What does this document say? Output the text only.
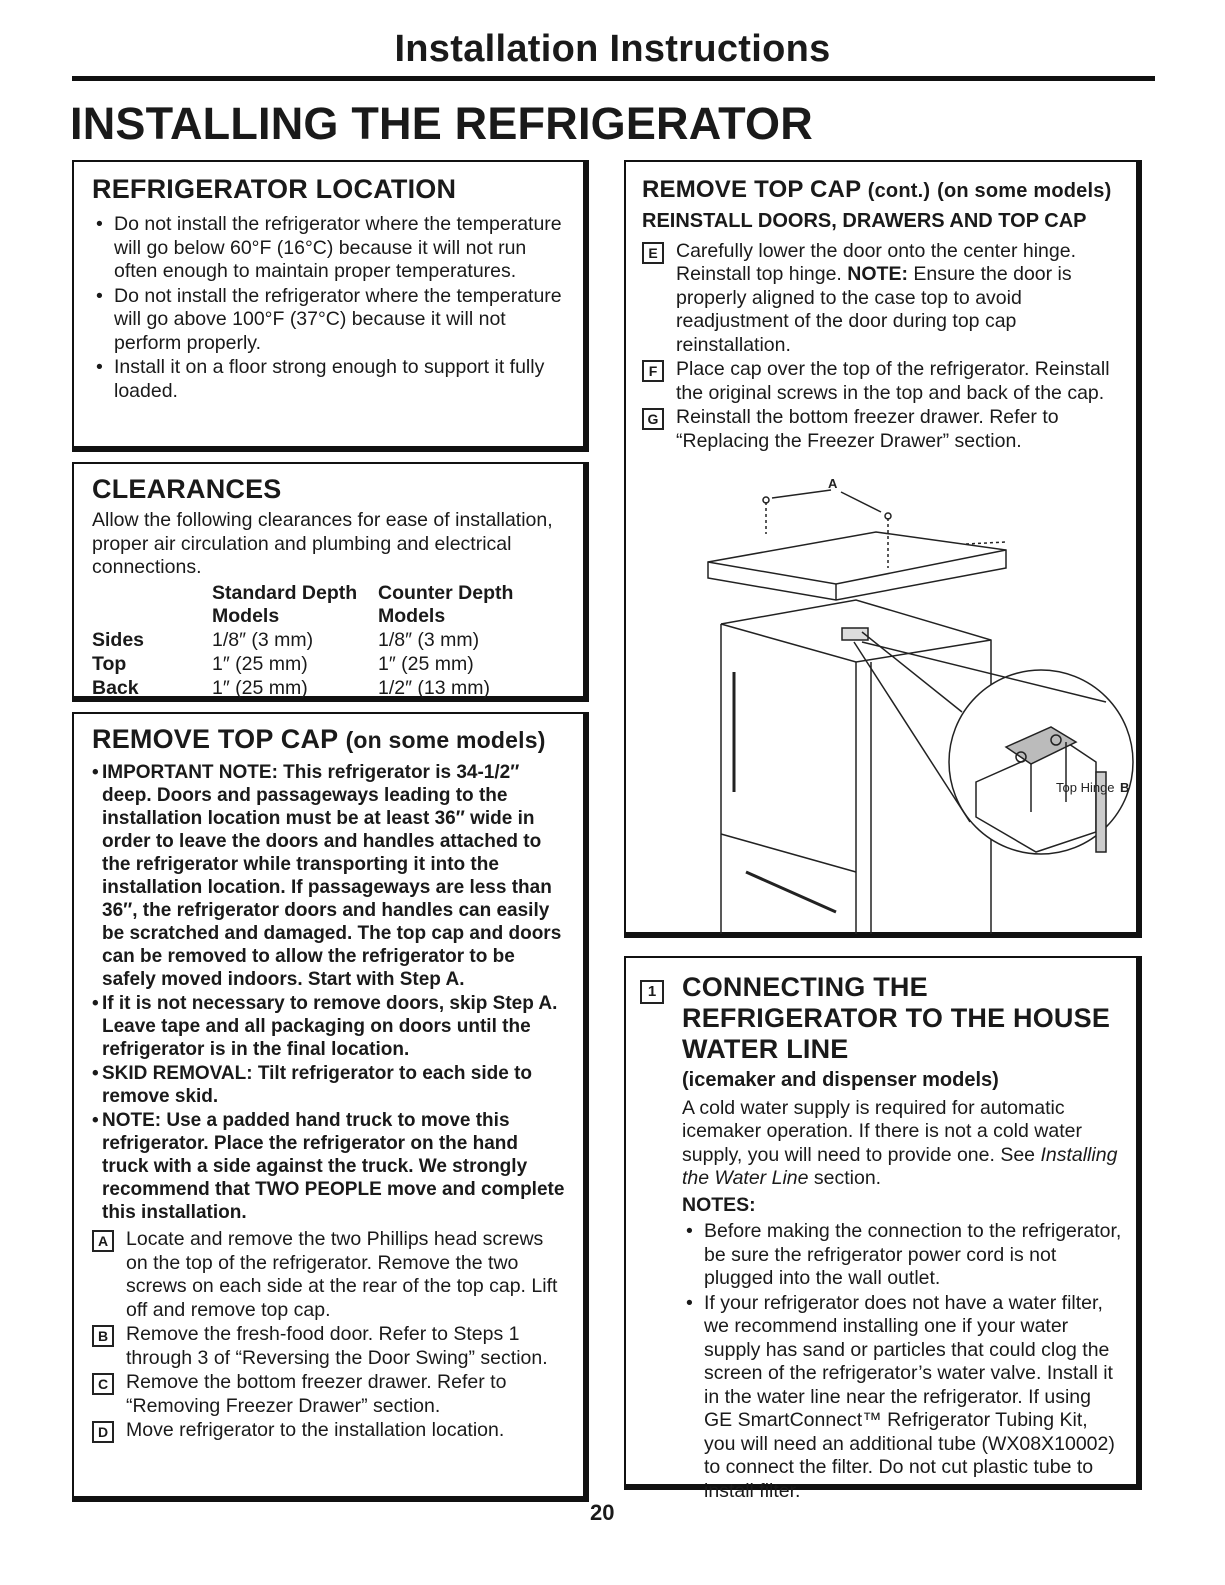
Installation Instructions
INSTALLING THE REFRIGERATOR
REFRIGERATOR LOCATION
• Do not install the refrigerator where the temperature will go below 60°F (16°C) because it will not run often enough to maintain proper temperatures.
• Do not install the refrigerator where the temperature will go above 100°F (37°C) because it will not perform properly.
• Install it on a floor strong enough to support it fully loaded.
CLEARANCES

Allow the following clearances for ease of installation, proper air circulation and plumbing and electrical connections.

	Standard Depth Models	Counter Depth Models
Sides	1/8″ (3 mm)	1/8″ (3 mm)
Top	1″ (25 mm)	1″ (25 mm)
Back	1″ (25 mm)	1/2″ (13 mm)
REMOVE TOP CAP (on some models)
• IMPORTANT NOTE: This refrigerator is 34-1/2″ deep. Doors and passageways leading to the installation location must be at least 36″ wide in order to leave the doors and handles attached to the refrigerator while transporting it into the installation location. If passageways are less than 36″, the refrigerator doors and handles can easily be scratched and damaged. The top cap and doors can be removed to allow the refrigerator to be safely moved indoors. Start with Step A.
• If it is not necessary to remove doors, skip Step A. Leave tape and all packaging on doors until the refrigerator is in the final location.
• SKID REMOVAL: Tilt refrigerator to each side to remove skid.
• NOTE: Use a padded hand truck to move this refrigerator. Place the refrigerator on the hand truck with a side against the truck. We strongly recommend that TWO PEOPLE move and complete this installation.
A Locate and remove the two Phillips head screws on the top of the refrigerator. Remove the two screws on each side at the rear of the top cap. Lift off and remove top cap.
B Remove the fresh-food door. Refer to Steps 1 through 3 of “Reversing the Door Swing” section.
C Remove the bottom freezer drawer. Refer to “Removing Freezer Drawer” section.
D Move refrigerator to the installation location.
REMOVE TOP CAP (cont.) (on some models)
REINSTALL DOORS, DRAWERS AND TOP CAP
E Carefully lower the door onto the center hinge. Reinstall top hinge. NOTE: Ensure the door is properly aligned to the case top to avoid readjustment of the door during top cap reinstallation.
F Place cap over the top of the refrigerator. Reinstall the original screws in the top and back of the cap.
G Reinstall the bottom freezer drawer. Refer to “Replacing the Freezer Drawer” section.
A
Top Hinge B
1 CONNECTING THE REFRIGERATOR TO THE HOUSE WATER LINE
(icemaker and dispenser models)

A cold water supply is required for automatic icemaker operation. If there is not a cold water supply, you will need to provide one. See Installing the Water Line section.

NOTES:
• Before making the connection to the refrigerator, be sure the refrigerator power cord is not plugged into the wall outlet.
• If your refrigerator does not have a water filter, we recommend installing one if your water supply has sand or particles that could clog the screen of the refrigerator’s water valve. Install it in the water line near the refrigerator. If using GE SmartConnect™ Refrigerator Tubing Kit, you will need an additional tube (WX08X10002) to connect the filter. Do not cut plastic tube to install filter.
20
